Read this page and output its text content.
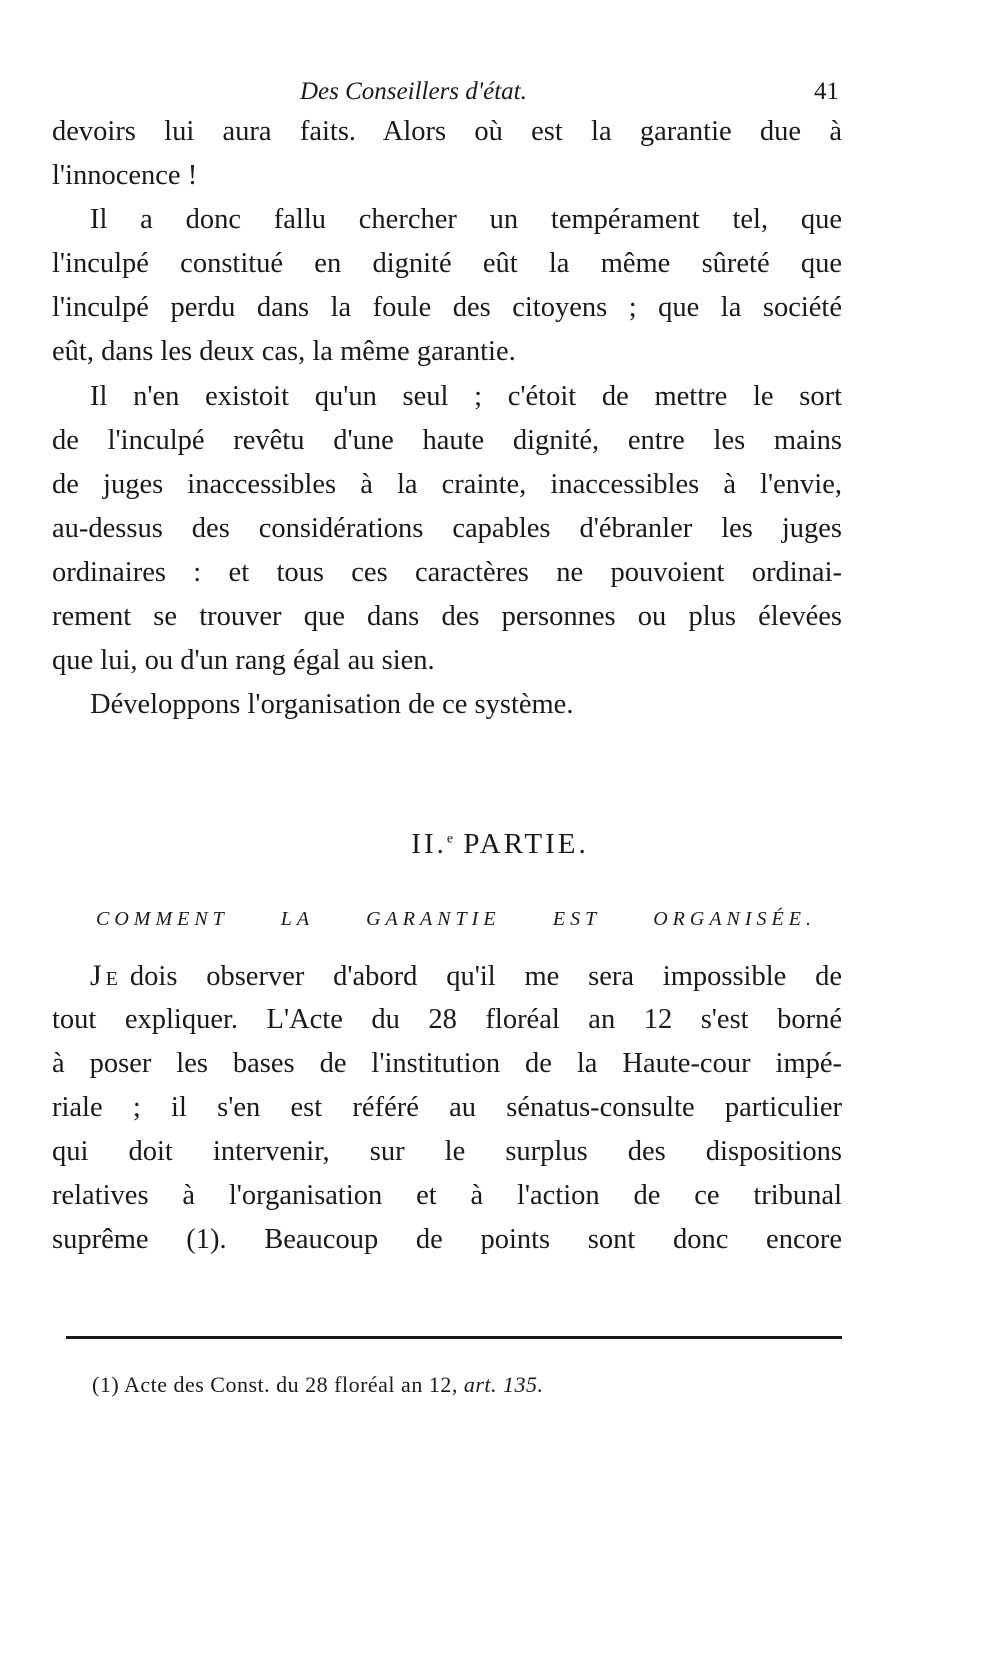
Des Conseillers d'état.	41
devoirs lui aura faits. Alors où est la garantie due à
l'innocence !
Il a donc fallu chercher un tempérament tel, que
l'inculpé constitué en dignité eût la même sûreté que
l'inculpé perdu dans la foule des citoyens ; que la société
eût, dans les deux cas, la même garantie.
Il n'en existoit qu'un seul ; c'étoit de mettre le sort
de l'inculpé revêtu d'une haute dignité, entre les mains
de juges inaccessibles à la crainte, inaccessibles à l'envie,
au-dessus des considérations capables d'ébranler les juges
ordinaires : et tous ces caractères ne pouvoient ordinai-
rement se trouver que dans des personnes ou plus élevées
que lui, ou d'un rang égal au sien.
Développons l'organisation de ce système.
II.$^e$ PARTIE.
COMMENT LA GARANTIE EST ORGANISÉE.
JE dois observer d'abord qu'il me sera impossible de
tout expliquer. L'Acte du 28 floréal an 12 s'est borné
à poser les bases de l'institution de la Haute-cour impé-
riale ; il s'en est référé au sénatus-consulte particulier
qui doit intervenir, sur le surplus des dispositions
relatives à l'organisation et à l'action de ce tribunal
suprême (1). Beaucoup de points sont donc encore
(1) Acte des Const. du 28 floréal an 12, art. 135.
